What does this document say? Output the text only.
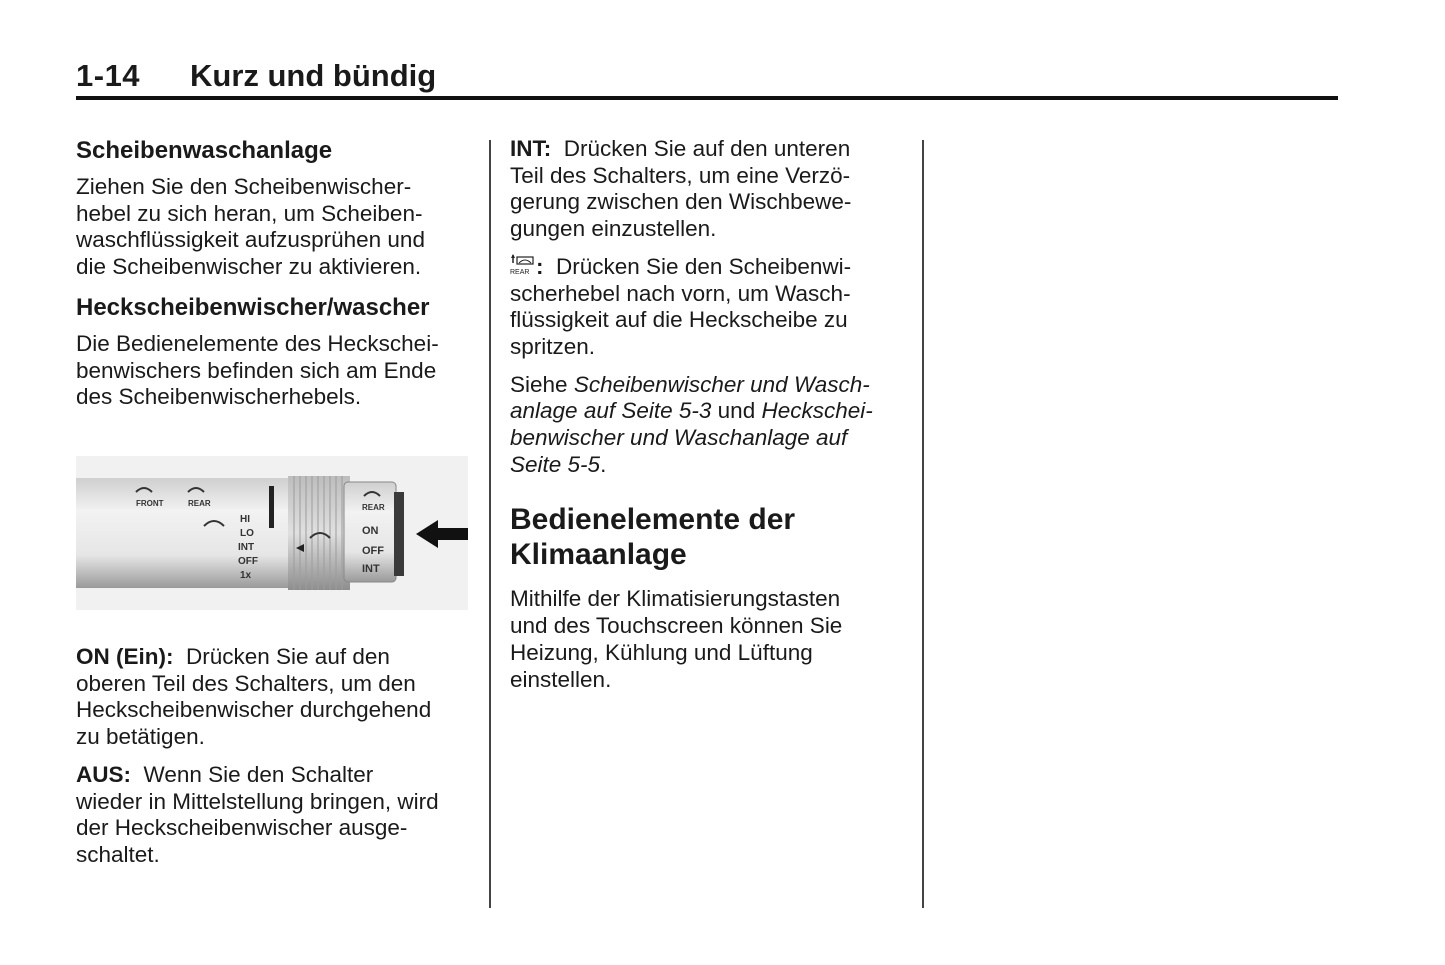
1-14 Kurz und bündig
Scheibenwaschanlage

Ziehen Sie den Scheibenwischer-

hebel zu sich heran, um Scheiben-

waschflüssigkeit aufzusprühen und

die Scheibenwischer zu aktivieren.

Heckscheibenwischer/wascher

Die Bedienelemente des Heckschei-

benwischers befinden sich am Ende

des Scheibenwischerhebels.

FRONT	REAR
HI
LO
INT
OFF
1x
REAR
ON
OFF
INT

ON (Ein): Drücken Sie auf den

oberen Teil des Schalters, um den

Heckscheibenwischer durchgehend

zu betätigen.

AUS: Wenn Sie den Schalter

wieder in Mittelstellung bringen, wird

der Heckscheibenwischer ausge-

schaltet.

INT: Drücken Sie auf den unteren

Teil des Schalters, um eine Verzö-

gerung zwischen den Wischbewe-

gungen einzustellen.

REAR : Drücken Sie den Scheibenwi-

scherhebel nach vorn, um Wasch-

flüssigkeit auf die Heckscheibe zu

spritzen.

Siehe Scheibenwischer und Wasch-

anlage auf Seite 5-3 und Heckschei-

benwischer und Waschanlage auf

Seite 5-5.

Bedienelemente der
Klimaanlage

Mithilfe der Klimatisierungstasten

und des Touchscreen können Sie

Heizung, Kühlung und Lüftung

einstellen.
